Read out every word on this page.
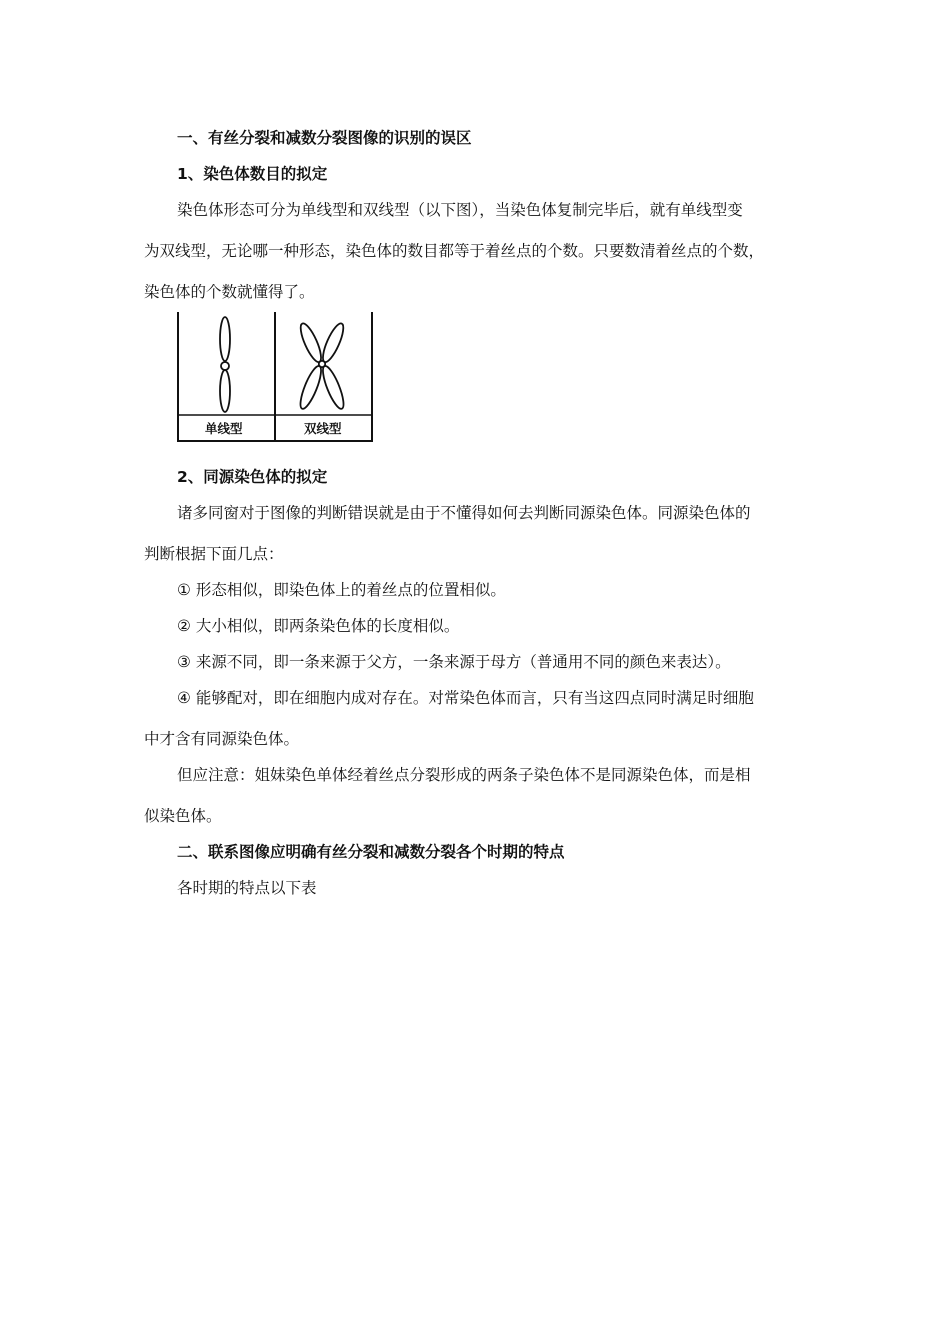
一、有丝分裂和减数分裂图像的识别的误区
1、染色体数目的拟定
染色体形态可分为单线型和双线型（以下图），当染色体复制完毕后，就有单线型变
为双线型，无论哪一种形态，染色体的数目都等于着丝点的个数。只要数清着丝点的个数，
染色体的个数就懂得了。
单线型	双线型
2、同源染色体的拟定
诸多同窗对于图像的判断错误就是由于不懂得如何去判断同源染色体。同源染色体的
判断根据下面几点：
① 形态相似，即染色体上的着丝点的位置相似。
② 大小相似，即两条染色体的长度相似。
③ 来源不同，即一条来源于父方，一条来源于母方（普通用不同的颜色来表达）。
④ 能够配对，即在细胞内成对存在。对常染色体而言，只有当这四点同时满足时细胞
中才含有同源染色体。
但应注意：姐妹染色单体经着丝点分裂形成的两条子染色体不是同源染色体，而是相
似染色体。
二、联系图像应明确有丝分裂和减数分裂各个时期的特点
各时期的特点以下表
